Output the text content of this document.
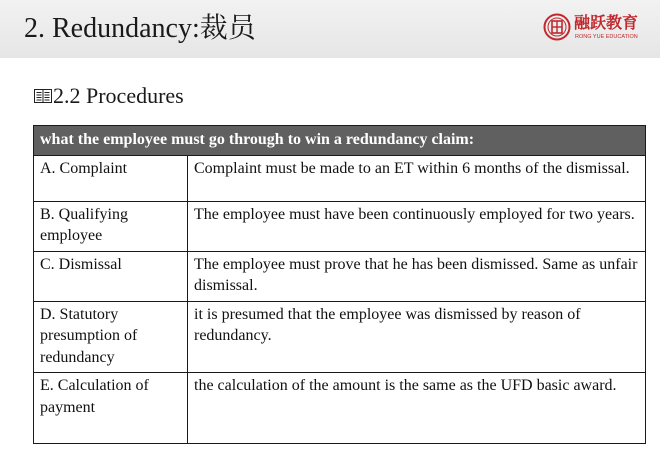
2. Redundancy:裁员	融跃教育
RONG YUE EDUCATION
2.2 Procedures
what the employee must go through to win a redundancy claim:	
A. Complaint	Complaint must be made to an ET within 6 months of the dismissal.
B. Qualifying employee	The employee must have been continuously employed for two years.
C. Dismissal	The employee must prove that he has been dismissed. Same as unfair dismissal.
D. Statutory presumption of redundancy	it is presumed that the employee was dismissed by reason of redundancy.
E. Calculation of payment	the calculation of the amount is the same as the UFD basic award.
